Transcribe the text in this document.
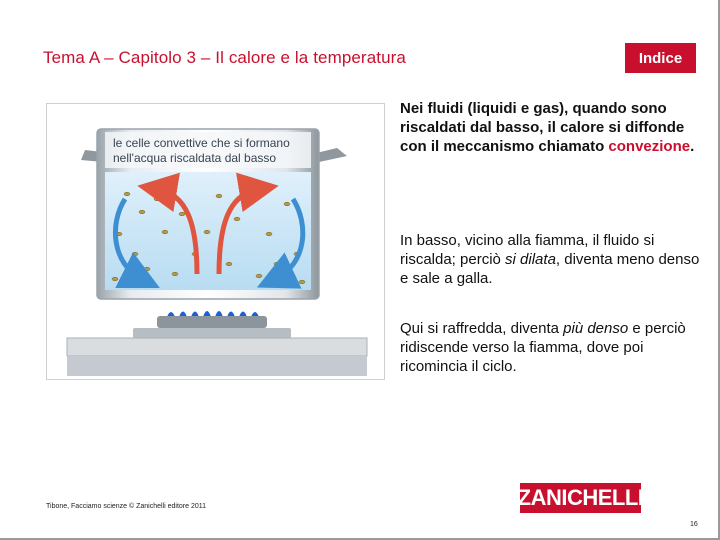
Tema A – Capitolo 3 – Il calore e la temperatura	Indice
le celle convettive che si formano
nell'acqua riscaldata dal basso
Nei fluidi (liquidi e gas), quando sono riscaldati dal basso, il calore si diffonde con il meccanismo chiamato convezione.
In basso, vicino alla fiamma, il fluido si riscalda; perciò si dilata, diventa meno denso e sale a galla.
Qui si raffredda, diventa più denso e perciò ridiscende verso la fiamma, dove poi ricomincia il ciclo.
Tibone, Facciamo scienze © Zanichelli editore 2011	ZANICHELLI
16
